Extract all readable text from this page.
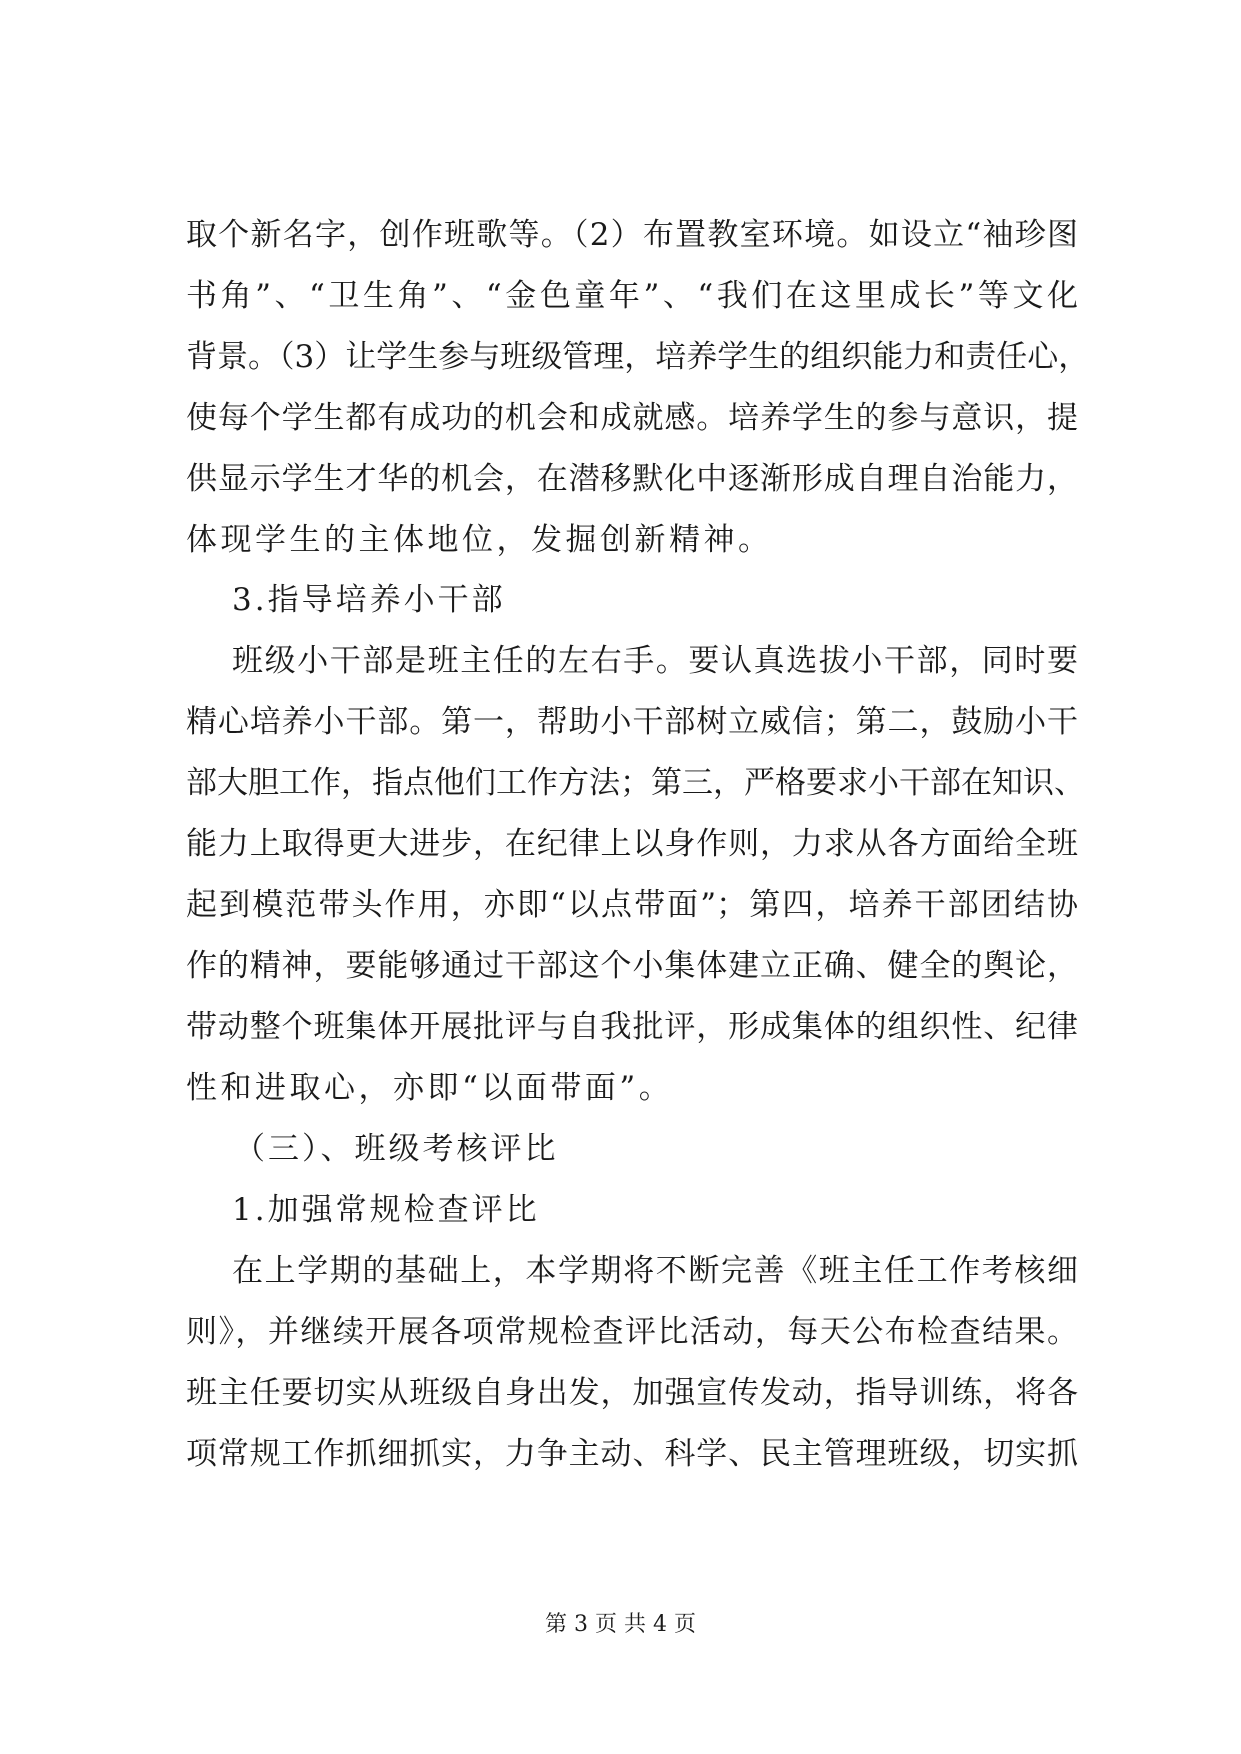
取个新名字，创作班歌等。（2）布置教室环境。如设立“袖珍图
书角”、“卫生角”、“金色童年”、“我们在这里成长”等文化
背景。（3）让学生参与班级管理，培养学生的组织能力和责任心，
使每个学生都有成功的机会和成就感。培养学生的参与意识，提
供显示学生才华的机会，在潜移默化中逐渐形成自理自治能力，
体现学生的主体地位，发掘创新精神。
3.指导培养小干部
班级小干部是班主任的左右手。要认真选拔小干部，同时要
精心培养小干部。第一，帮助小干部树立威信；第二，鼓励小干
部大胆工作，指点他们工作方法；第三，严格要求小干部在知识、
能力上取得更大进步，在纪律上以身作则，力求从各方面给全班
起到模范带头作用，亦即“以点带面”；第四，培养干部团结协
作的精神，要能够通过干部这个小集体建立正确、健全的舆论，
带动整个班集体开展批评与自我批评，形成集体的组织性、纪律
性和进取心，亦即“以面带面”。
（三）、班级考核评比
1.加强常规检查评比
在上学期的基础上，本学期将不断完善《班主任工作考核细
则》，并继续开展各项常规检查评比活动，每天公布检查结果。
班主任要切实从班级自身出发，加强宣传发动，指导训练，将各
项常规工作抓细抓实，力争主动、科学、民主管理班级，切实抓
第 3 页 共 4 页
